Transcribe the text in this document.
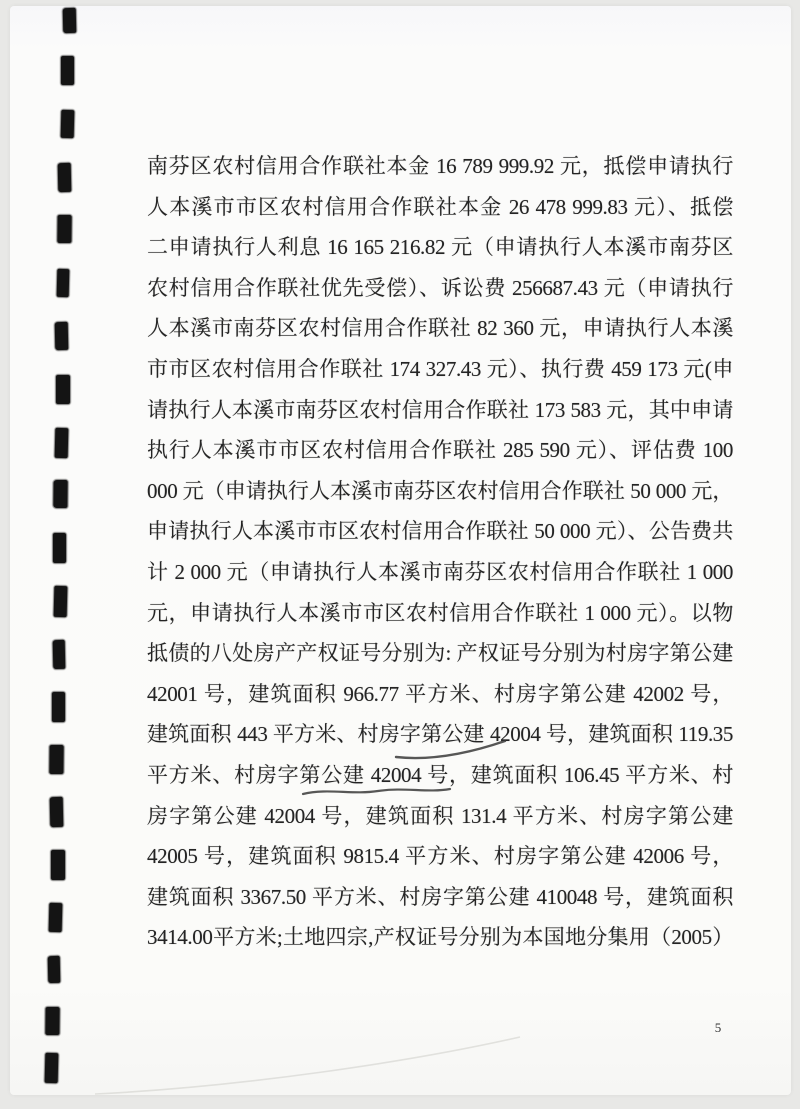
南芬区农村信用合作联社本金 16 789 999.92 元，抵偿申请执行
人本溪市市区农村信用合作联社本金 26 478 999.83 元）、抵偿
二申请执行人利息 16 165 216.82 元（申请执行人本溪市南芬区
农村信用合作联社优先受偿）、诉讼费 256687.43 元（申请执行
人本溪市南芬区农村信用合作联社 82 360 元，申请执行人本溪
市市区农村信用合作联社 174 327.43 元）、执行费 459 173 元(申
请执行人本溪市南芬区农村信用合作联社 173 583 元，其中申请
执行人本溪市市区农村信用合作联社 285 590 元）、评估费 100
000 元（申请执行人本溪市南芬区农村信用合作联社 50 000 元，
申请执行人本溪市市区农村信用合作联社 50 000 元）、公告费共
计 2 000 元（申请执行人本溪市南芬区农村信用合作联社 1 000
元，申请执行人本溪市市区农村信用合作联社 1 000 元）。以物
抵债的八处房产产权证号分别为: 产权证号分别为村房字第公建
42001 号，建筑面积 966.77 平方米、村房字第公建 42002 号，
建筑面积 443 平方米、村房字第公建 42004 号，建筑面积 119.35
平方米、村房字第公建 42004 号，建筑面积 106.45 平方米、村
房字第公建 42004 号，建筑面积 131.4 平方米、村房字第公建
42005 号，建筑面积 9815.4 平方米、村房字第公建 42006 号，
建筑面积 3367.50 平方米、村房字第公建 410048 号，建筑面积
3414.00平方米;土地四宗,产权证号分别为本国地分集用（2005）
5
